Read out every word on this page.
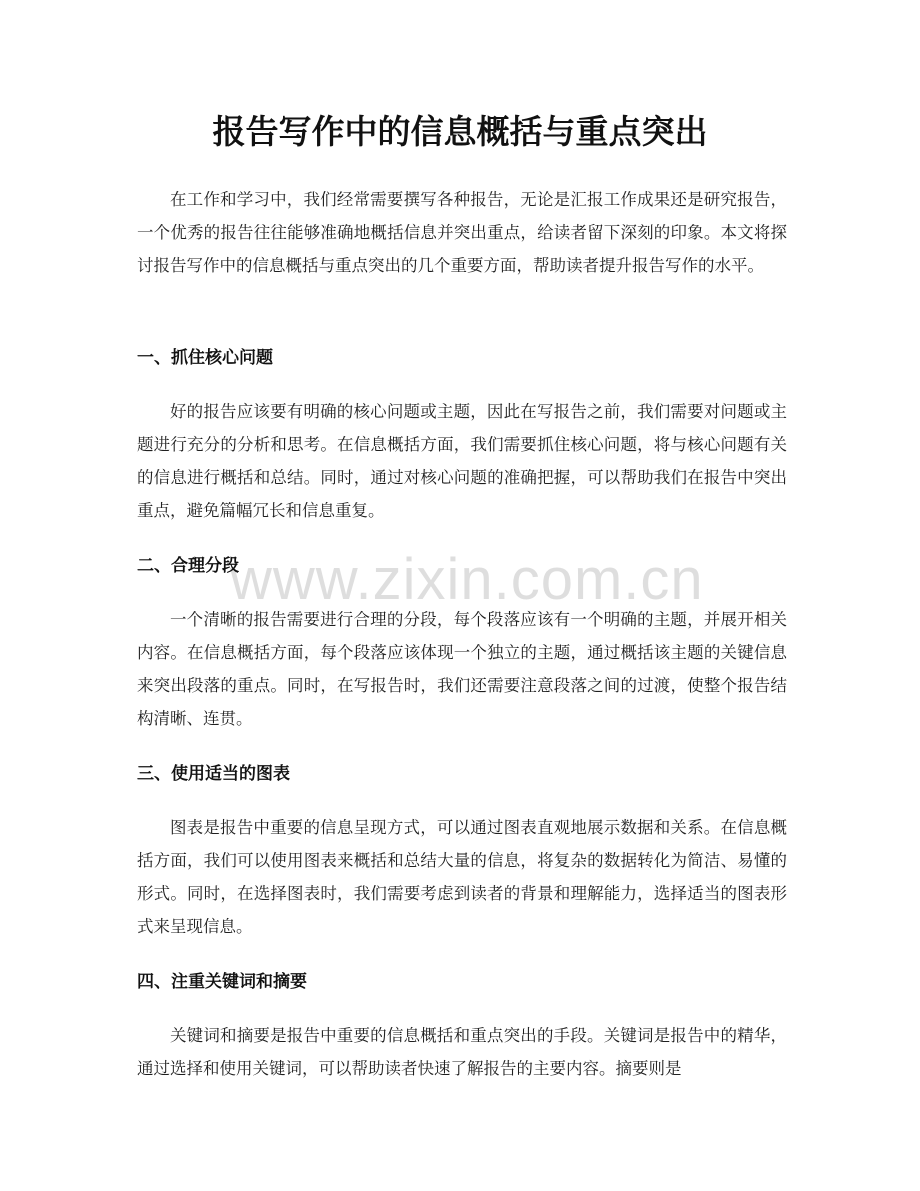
报告写作中的信息概括与重点突出

在工作和学习中，我们经常需要撰写各种报告，无论是汇报工作成果还是研究报告，一个优秀的报告往往能够准确地概括信息并突出重点，给读者留下深刻的印象。本文将探讨报告写作中的信息概括与重点突出的几个重要方面，帮助读者提升报告写作的水平。

一、抓住核心问题

好的报告应该要有明确的核心问题或主题，因此在写报告之前，我们需要对问题或主题进行充分的分析和思考。在信息概括方面，我们需要抓住核心问题，将与核心问题有关的信息进行概括和总结。同时，通过对核心问题的准确把握，可以帮助我们在报告中突出重点，避免篇幅冗长和信息重复。

二、合理分段

一个清晰的报告需要进行合理的分段，每个段落应该有一个明确的主题，并展开相关内容。在信息概括方面，每个段落应该体现一个独立的主题，通过概括该主题的关键信息来突出段落的重点。同时，在写报告时，我们还需要注意段落之间的过渡，使整个报告结构清晰、连贯。

三、使用适当的图表

图表是报告中重要的信息呈现方式，可以通过图表直观地展示数据和关系。在信息概括方面，我们可以使用图表来概括和总结大量的信息，将复杂的数据转化为简洁、易懂的形式。同时，在选择图表时，我们需要考虑到读者的背景和理解能力，选择适当的图表形式来呈现信息。

四、注重关键词和摘要

关键词和摘要是报告中重要的信息概括和重点突出的手段。关键词是报告中的精华，通过选择和使用关键词，可以帮助读者快速了解报告的主要内容。摘要则是

www.zixin.com.cn
